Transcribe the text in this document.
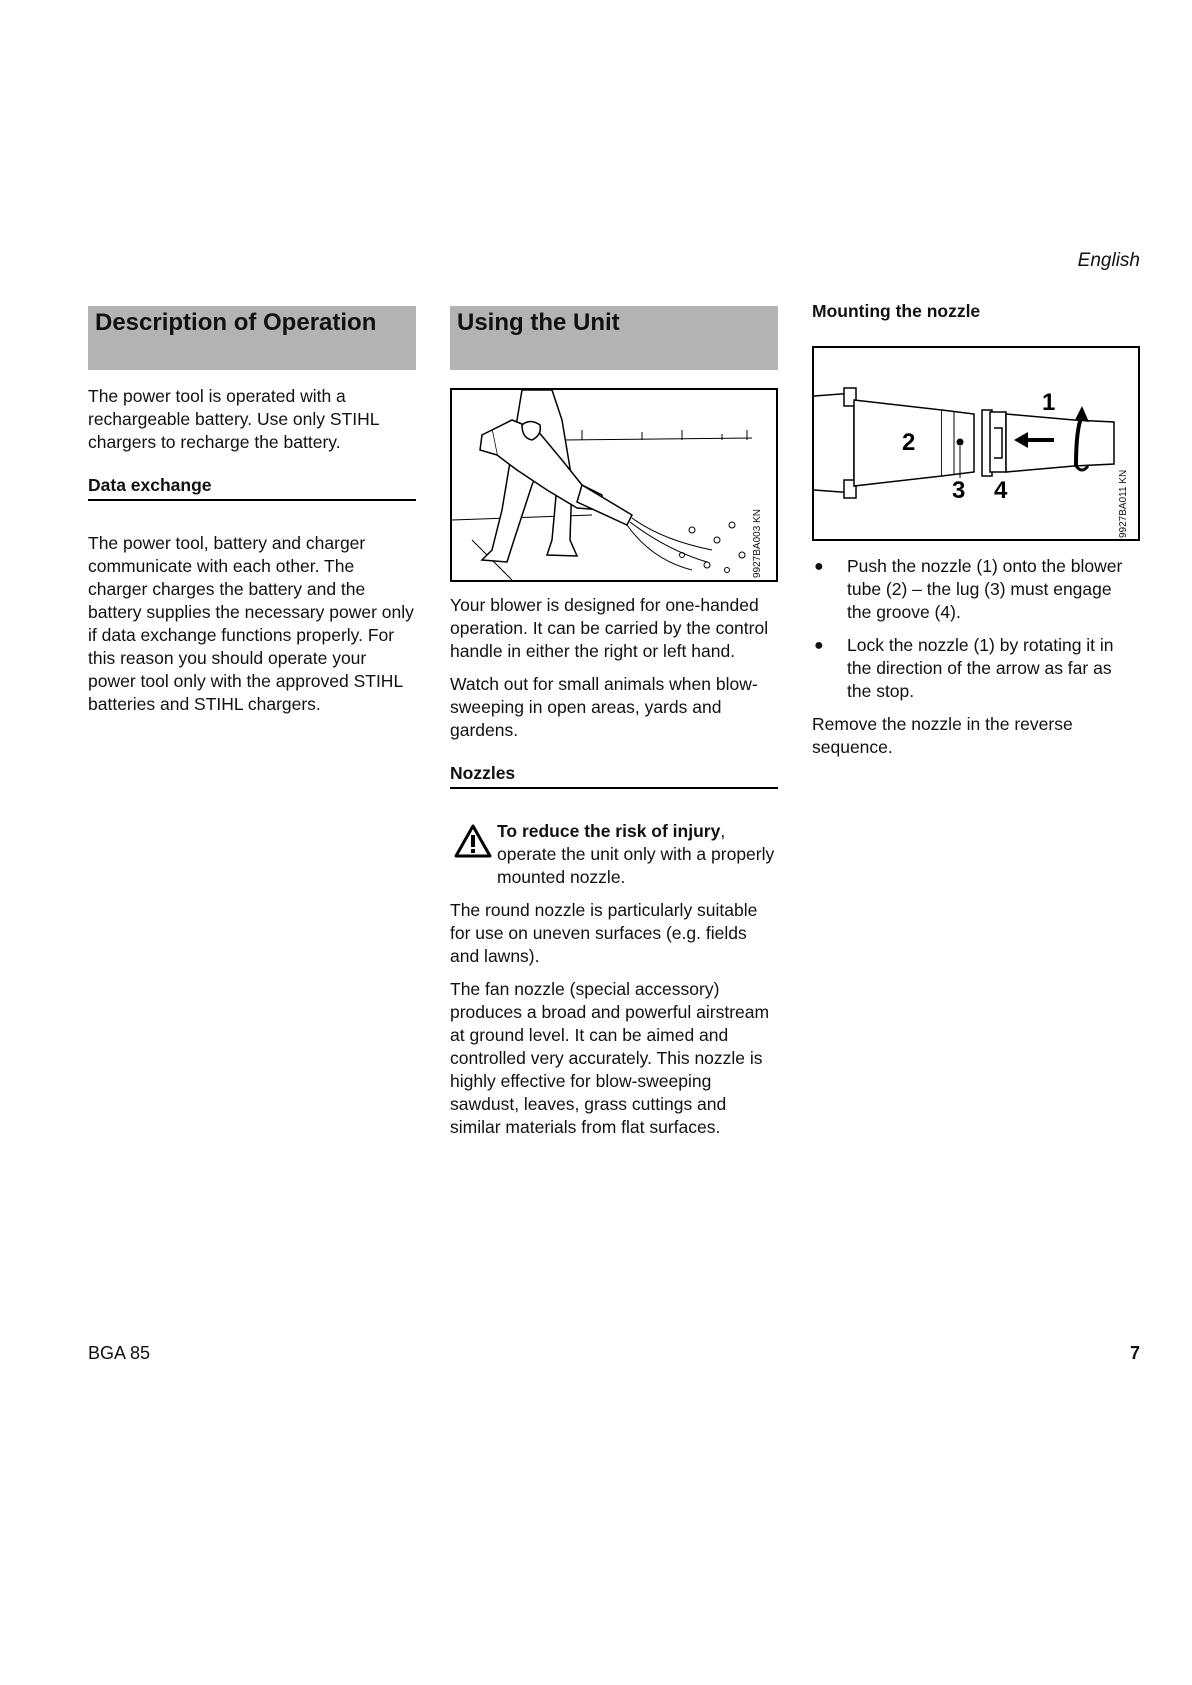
English
Description of Operation

The power tool is operated with a rechargeable battery. Use only STIHL chargers to recharge the battery.

Data exchange

The power tool, battery and charger communicate with each other. The charger charges the battery and the battery supplies the necessary power only if data exchange functions properly. For this reason you should operate your power tool only with the approved STIHL batteries and STIHL chargers.

Using the Unit
9927BA003 KN

Your blower is designed for one-handed operation. It can be carried by the control handle in either the right or left hand.

Watch out for small animals when blow-sweeping in open areas, yards and gardens.

Nozzles

To reduce the risk of injury, operate the unit only with a properly mounted nozzle.

The round nozzle is particularly suitable for use on uneven surfaces (e.g. fields and lawns).

The fan nozzle (special accessory) produces a broad and powerful airstream at ground level. It can be aimed and controlled very accurately. This nozzle is highly effective for blow-sweeping sawdust, leaves, grass cuttings and similar materials from flat surfaces.

Mounting the nozzle
2
1
3 4	9927BA011 KN
● Push the nozzle (1) onto the blower tube (2) – the lug (3) must engage the groove (4).
● Lock the nozzle (1) by rotating it in the direction of the arrow as far as the stop.

Remove the nozzle in the reverse sequence.

BGA 85	7
